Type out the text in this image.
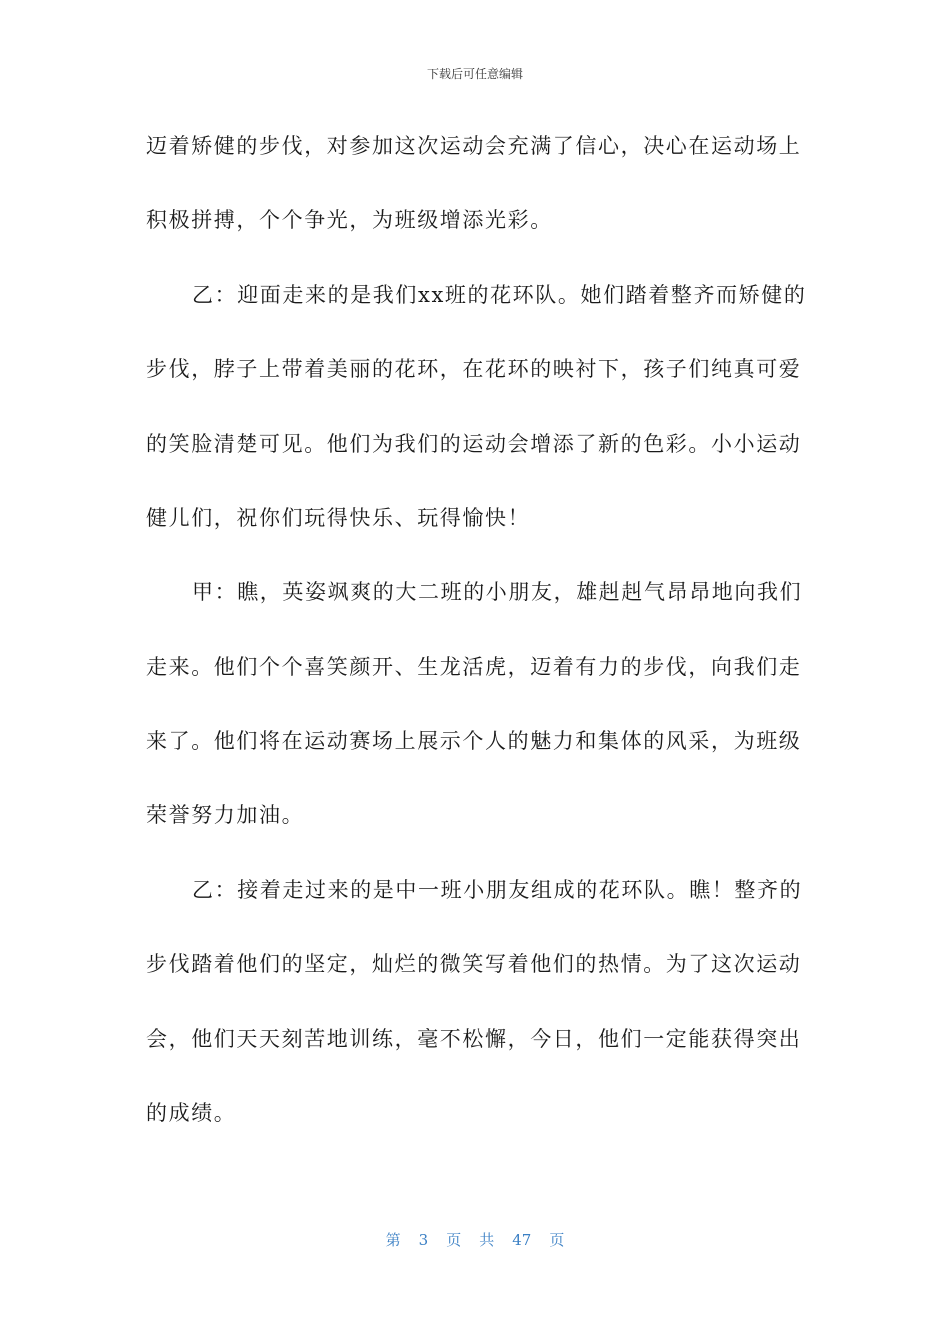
下载后可任意编辑
迈着矫健的步伐，对参加这次运动会充满了信心，决心在运动场上
积极拼搏，个个争光，为班级增添光彩。
乙：迎面走来的是我们xx班的花环队。她们踏着整齐而矫健的
步伐，脖子上带着美丽的花环，在花环的映衬下，孩子们纯真可爱
的笑脸清楚可见。他们为我们的运动会增添了新的色彩。小小运动
健儿们，祝你们玩得快乐、玩得愉快！
甲：瞧，英姿飒爽的大二班的小朋友，雄赳赳气昂昂地向我们
走来。他们个个喜笑颜开、生龙活虎，迈着有力的步伐，向我们走
来了。他们将在运动赛场上展示个人的魅力和集体的风采，为班级
荣誉努力加油。
乙：接着走过来的是中一班小朋友组成的花环队。瞧！整齐的
步伐踏着他们的坚定，灿烂的微笑写着他们的热情。为了这次运动
会，他们天天刻苦地训练，毫不松懈，今日，他们一定能获得突出
的成绩。
第 3 页 共 47 页
